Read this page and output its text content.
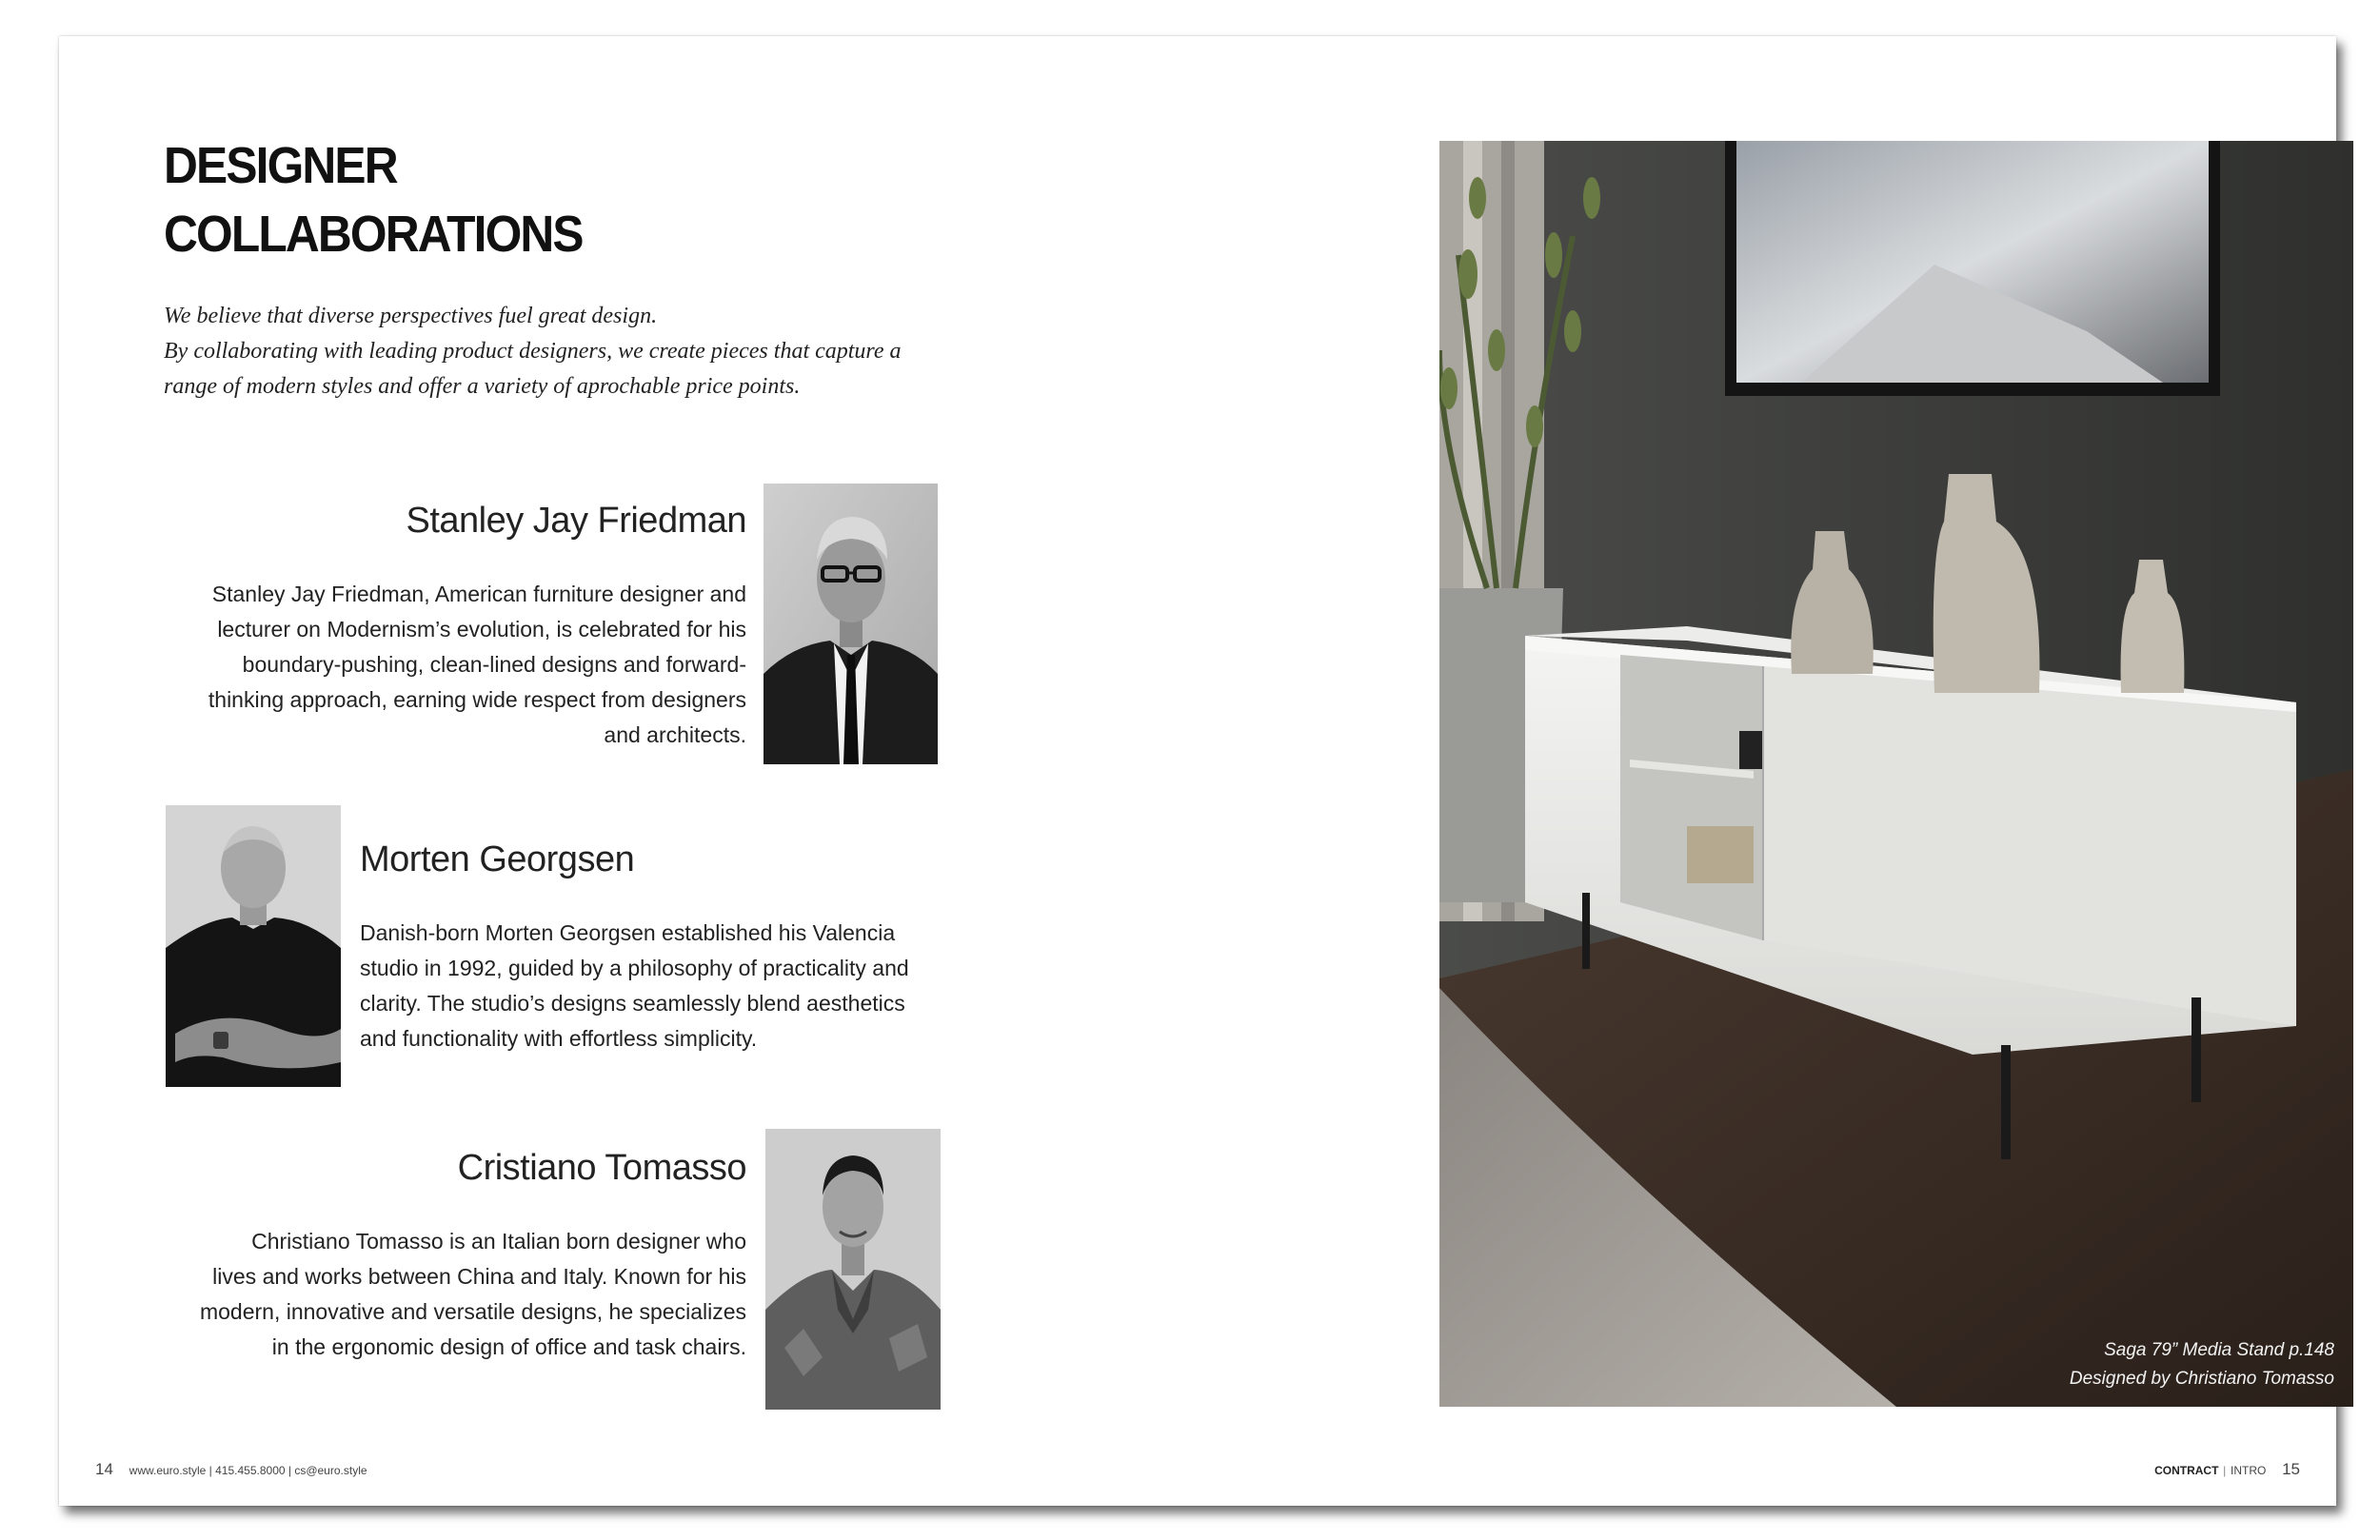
DESIGNER
COLLABORATIONS

We believe that diverse perspectives fuel great design.
By collaborating with leading product designers, we create pieces that capture a
range of modern styles and offer a variety of aprochable price points.

Stanley Jay Friedman

Stanley Jay Friedman, American furniture designer and
lecturer on Modernism’s evolution, is celebrated for his
boundary-pushing, clean-lined designs and forward-
thinking approach, earning wide respect from designers
and architects.

Morten Georgsen

Danish-born Morten Georgsen established his Valencia
studio in 1992, guided by a philosophy of practicality and
clarity. The studio’s designs seamlessly blend aesthetics
and functionality with effortless simplicity.

Cristiano Tomasso

Christiano Tomasso is an Italian born designer who
lives and works between China and Italy. Known for his
modern, innovative and versatile designs, he specializes
in the ergonomic design of office and task chairs.	Saga 79” Media Stand p.148
Designed by Christiano Tomasso
14 www.euro.style | 415.455.8000 | cs@euro.style	CONTRACT | INTRO 15
